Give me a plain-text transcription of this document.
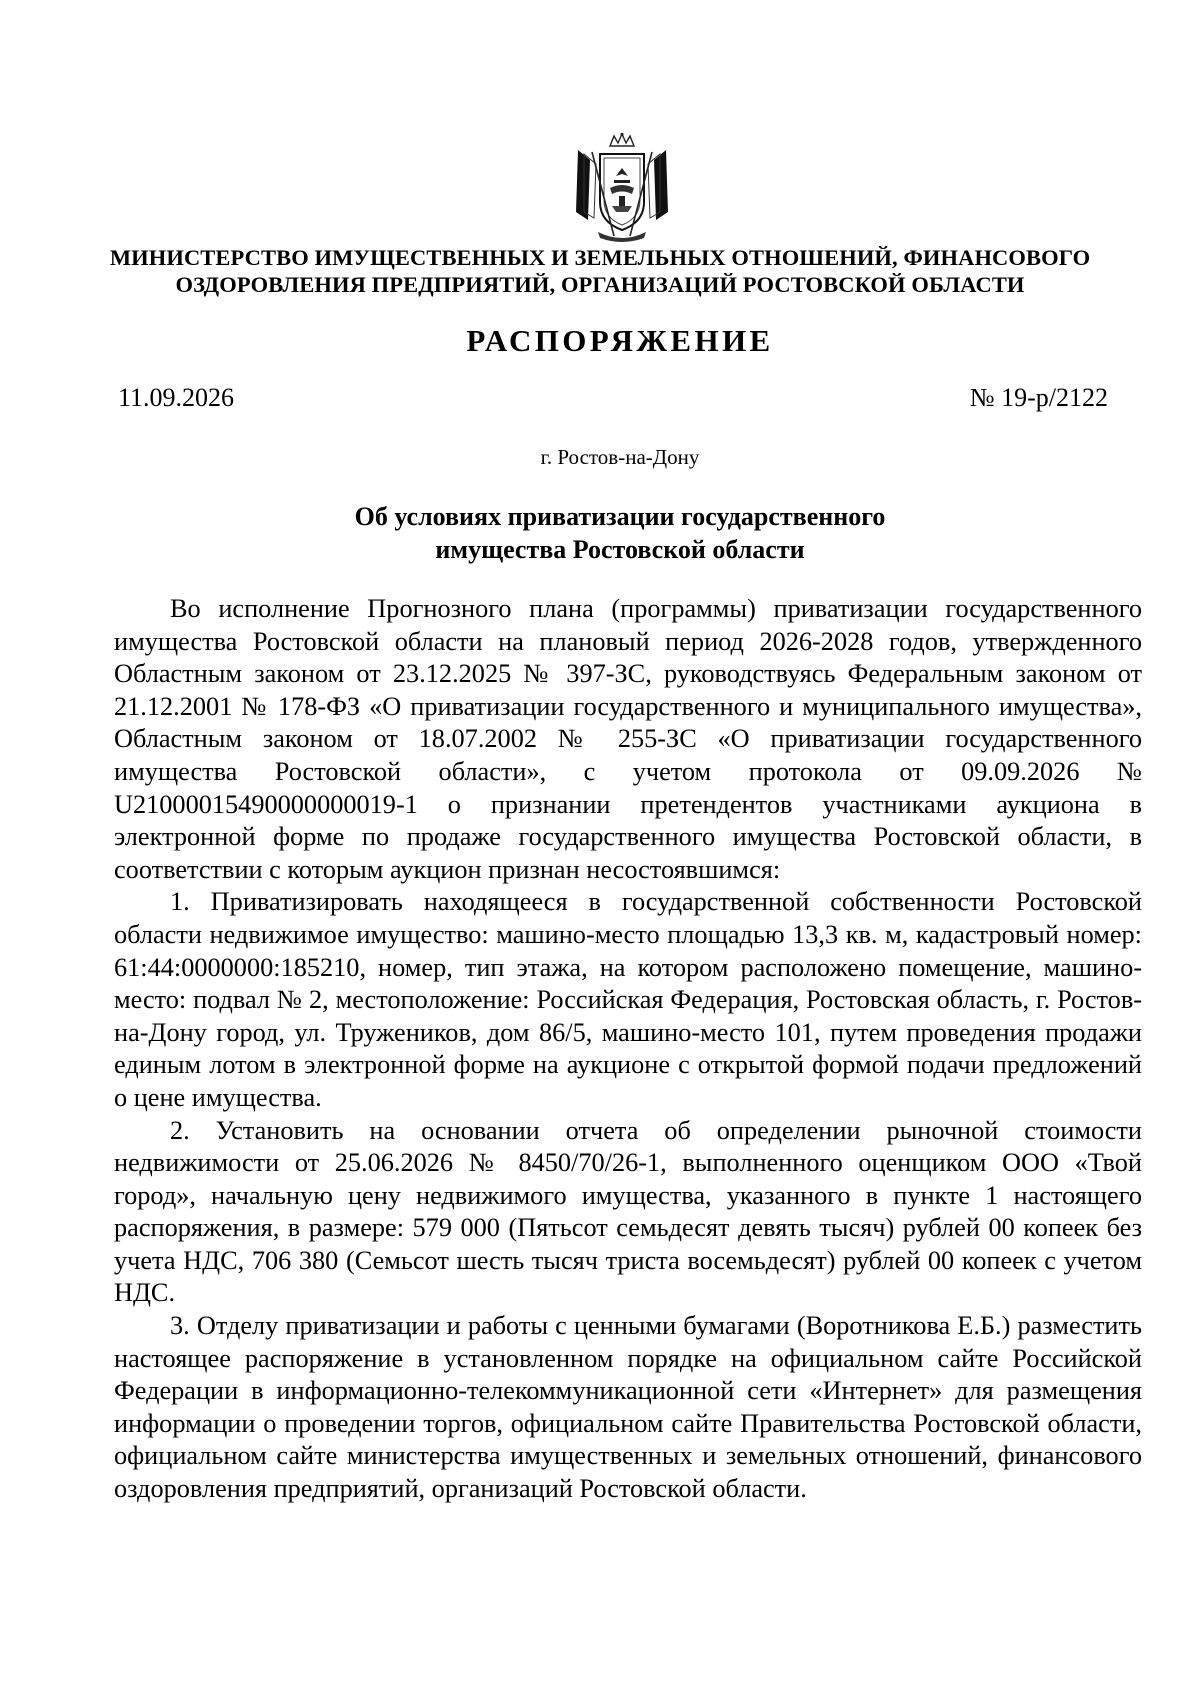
МИНИСТЕРСТВО ИМУЩЕСТВЕННЫХ И ЗЕМЕЛЬНЫХ ОТНОШЕНИЙ, ФИНАНСОВОГО
ОЗДОРОВЛЕНИЯ ПРЕДПРИЯТИЙ, ОРГАНИЗАЦИЙ РОСТОВСКОЙ ОБЛАСТИ
РАСПОРЯЖЕНИЕ
11.09.2026	№ 19-р/2122
г. Ростов-на-Дону
Об условиях приватизации государственного
имущества Ростовской области

Во исполнение Прогнозного плана (программы) приватизации государственного имущества Ростовской области на плановый период 2026-2028 годов, утвержденного Областным законом от 23.12.2025 № 397-ЗС, руководствуясь Федеральным законом от 21.12.2001 № 178-ФЗ «О приватизации государственного и муниципального имущества», Областным законом от 18.07.2002 № 255-ЗС «О приватизации государственного имущества Ростовской области», с учетом протокола от 09.09.2026 № U21000015490000000019-1 о признании претендентов участниками аукциона в электронной форме по продаже государственного имущества Ростовской области, в соответствии с которым аукцион признан несостоявшимся:

1. Приватизировать находящееся в государственной собственности Ростовской области недвижимое имущество: машино-место площадью 13,3 кв. м, кадастровый номер: 61:44:0000000:185210, номер, тип этажа, на котором расположено помещение, машино-место: подвал № 2, местоположение: Российская Федерация, Ростовская область, г. Ростов-на-Дону город, ул. Тружеников, дом 86/5, машино-место 101, путем проведения продажи единым лотом в электронной форме на аукционе с открытой формой подачи предложений о цене имущества.

2. Установить на основании отчета об определении рыночной стоимости недвижимости от 25.06.2026 № 8450/70/26-1, выполненного оценщиком ООО «Твой город», начальную цену недвижимого имущества, указанного в пункте 1 настоящего распоряжения, в размере: 579 000 (Пятьсот семьдесят девять тысяч) рублей 00 копеек без учета НДС, 706 380 (Семьсот шесть тысяч триста восемьдесят) рублей 00 копеек с учетом НДС.

3. Отделу приватизации и работы с ценными бумагами (Воротникова Е.Б.) разместить настоящее распоряжение в установленном порядке на официальном сайте Российской Федерации в информационно-телекоммуникационной сети «Интернет» для размещения информации о проведении торгов, официальном сайте Правительства Ростовской области, официальном сайте министерства имущественных и земельных отношений, финансового оздоровления предприятий, организаций Ростовской области.
